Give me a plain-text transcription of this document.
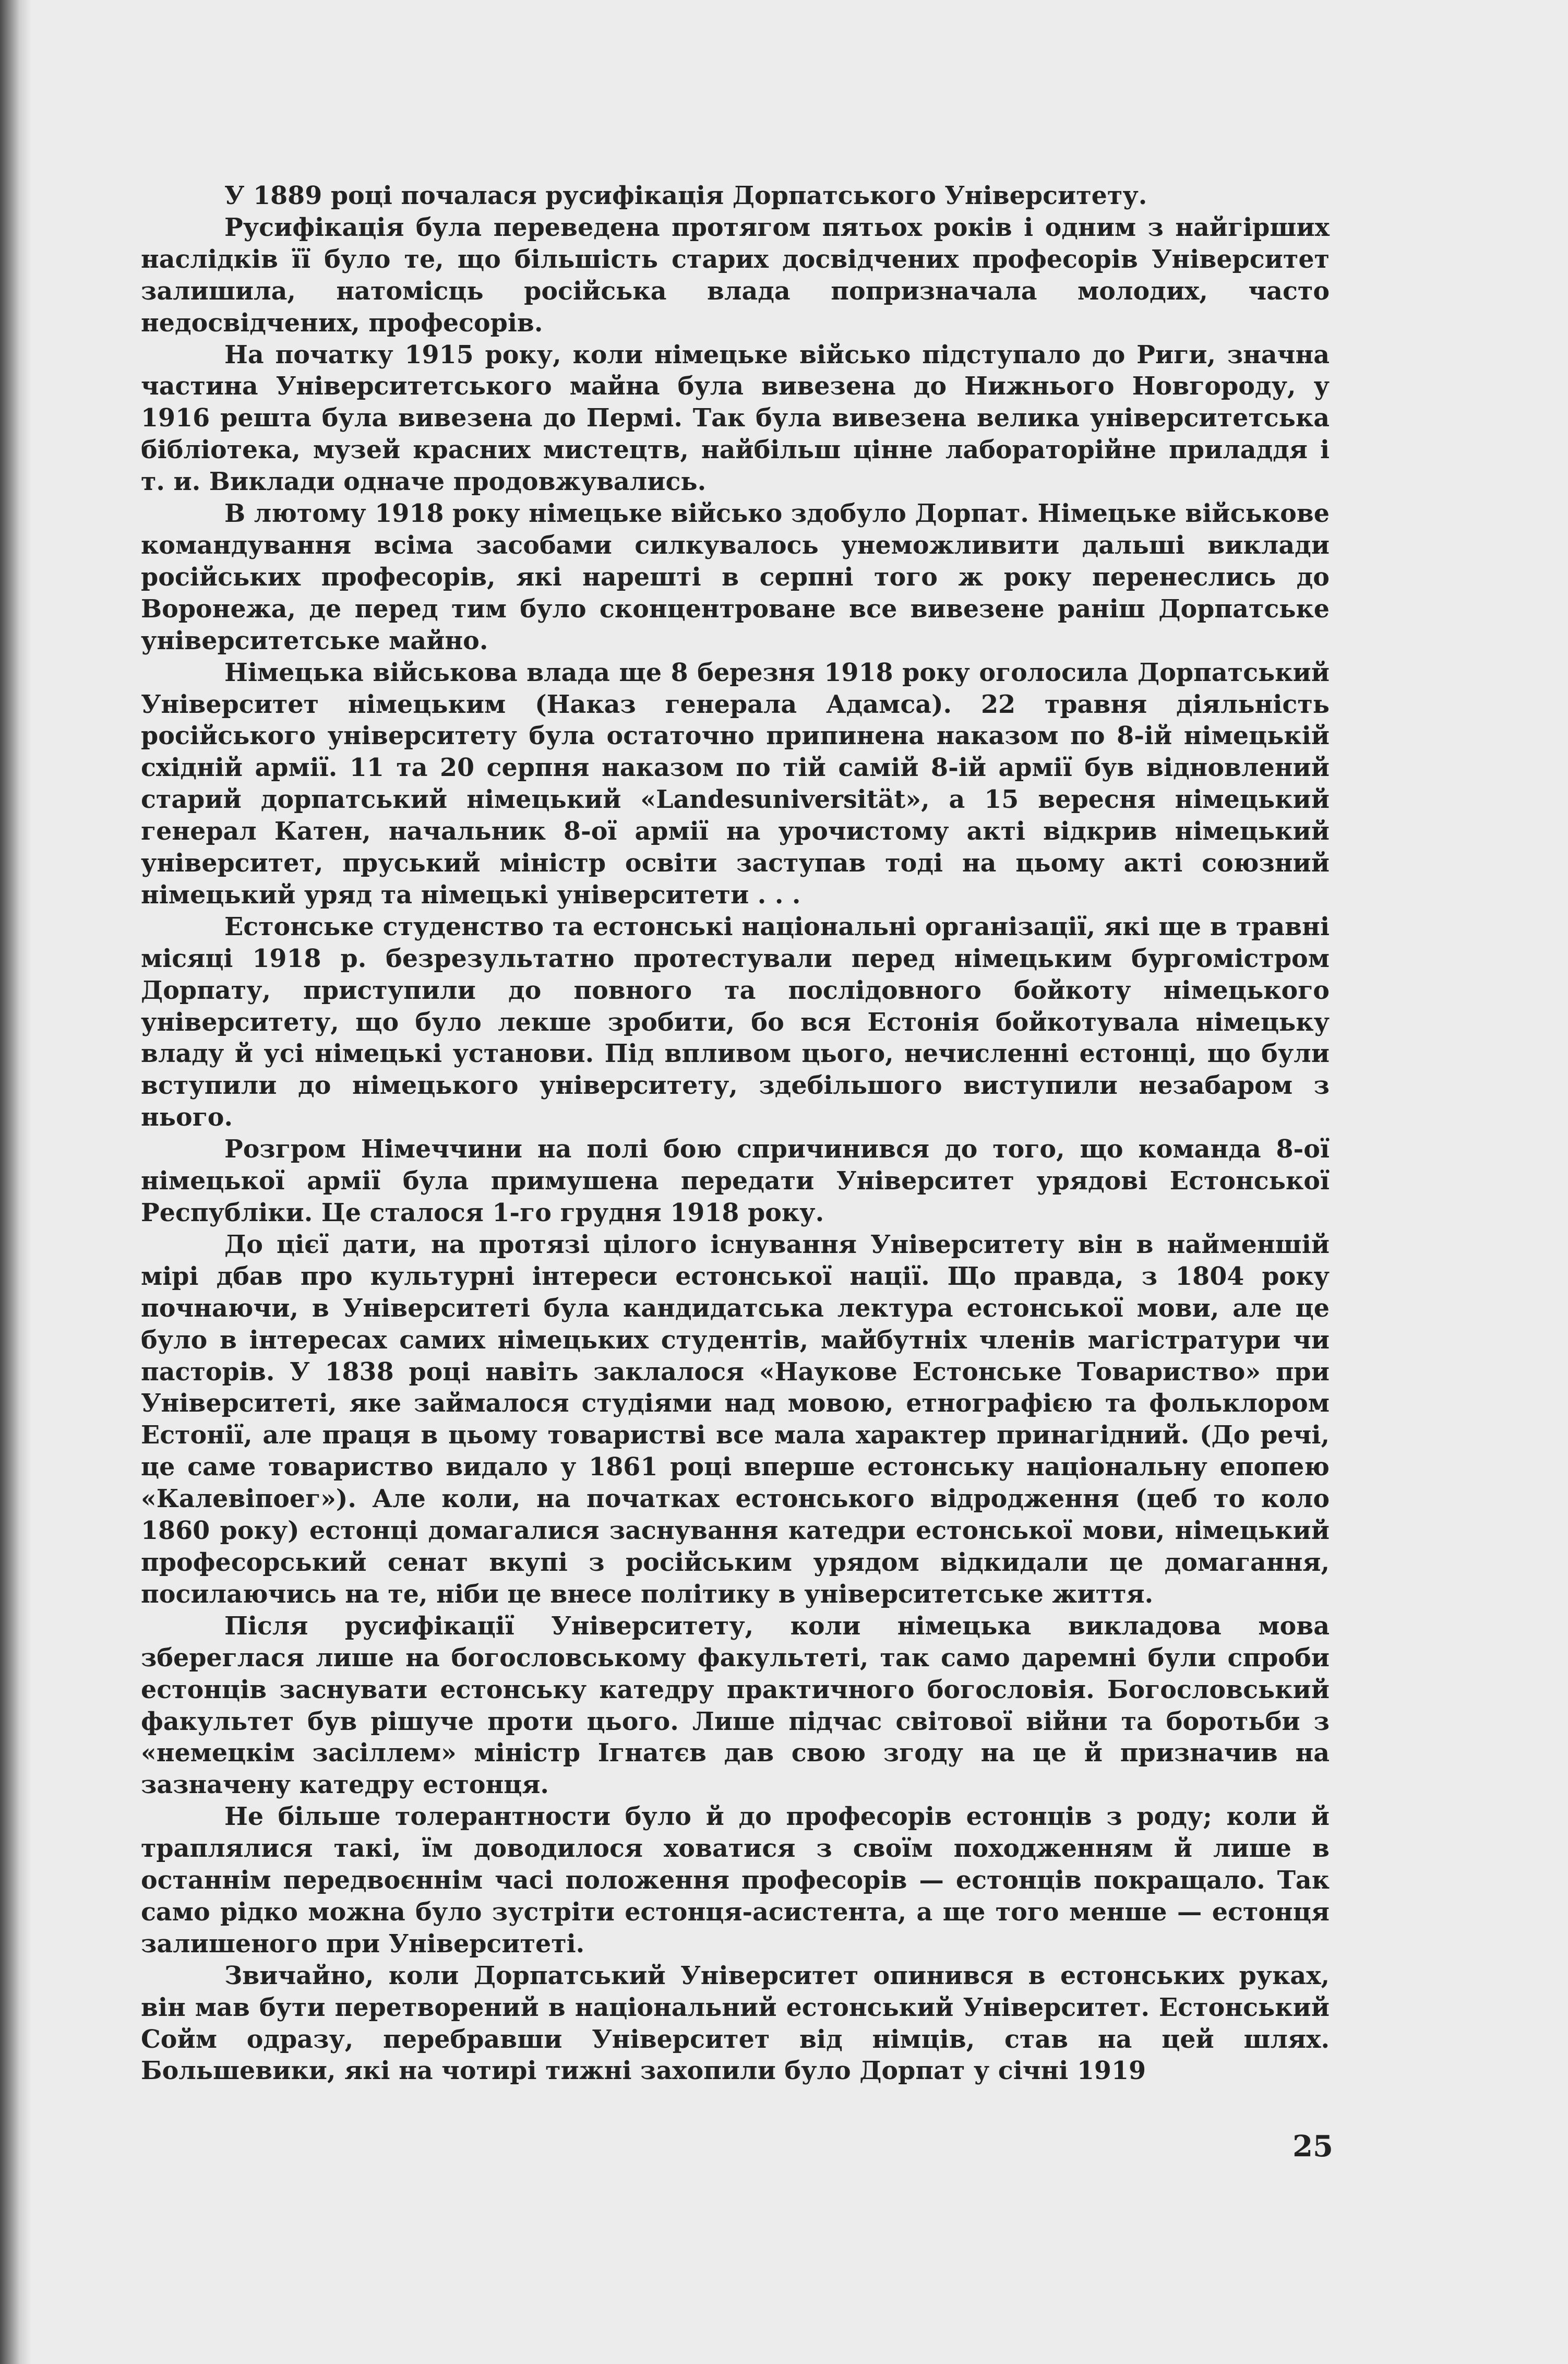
У 1889 році почалася русифікація Дорпатського Університету.

Русифікація була переведена протягом пятьох років і одним з найгірших наслідків її було те, що більшість старих досвідчених професорів Університет залишила, натомісць російська влада попризначала молодих, часто недосвідчених, професорів.

На початку 1915 року, коли німецьке військо підступало до Риги, значна частина Університетського майна була вивезена до Нижнього Новгороду, у 1916 решта була вивезена до Пермі. Так була вивезена велика університетська бібліотека, музей красних мистецтв, найбільш цінне лабораторійне приладдя і т. и. Виклади одначе продовжувались.

В лютому 1918 року німецьке військо здобуло Дорпат. Німецьке військове командування всіма засобами силкувалось унеможливити дальші виклади російських професорів, які нарешті в серпні того ж року перенеслись до Воронежа, де перед тим було сконцентроване все вивезене раніш Дорпатське університетське майно.

Німецька військова влада ще 8 березня 1918 року оголосила Дорпатський Університет німецьким (Наказ генерала Адамса). 22 травня діяльність російського університету була остаточно припинена наказом по 8-ій німецькій східній армії. 11 та 20 серпня наказом по тій самій 8-ій армії був відновлений старий дорпатський німецький «Landesuniversität», а 15 вересня німецький генерал Катен, начальник 8-ої армії на урочистому акті відкрив німецький університет, пруський міністр освіти заступав тоді на цьому акті союзний німецький уряд та німецькі університети . . .

Естонське студенство та естонські національні організації, які ще в травні місяці 1918 р. безрезультатно протестували перед німецьким бургомістром Дорпату, приступили до повного та послідовного бойкоту німецького університету, що було лекше зробити, бо вся Естонія бойкотувала німецьку владу й усі німецькі установи. Під впливом цього, нечисленні естонці, що були вступили до німецького університету, здебільшого виступили незабаром з нього.

Розгром Німеччини на полі бою спричинився до того, що команда 8-ої німецької армії була примушена передати Університет урядові Естонської Республіки. Це сталося 1-го грудня 1918 року.

До цієї дати, на протязі цілого існування Університету він в найменшій мірі дбав про культурні інтереси естонської нації. Що правда, з 1804 року почнаючи, в Університеті була кандидатська лектура естонської мови, але це було в інтересах самих німецьких студентів, майбутніх членів магістратури чи пасторів. У 1838 році навіть заклалося «Наукове Естонське Товариство» при Університеті, яке займалося студіями над мовою, етнографією та фольклором Естонії, але праця в цьому товаристві все мала характер принагідний. (До речі, це саме товариство видало у 1861 році вперше естонську національну епопею «Калевіпоег»). Але коли, на початках естонського відродження (цеб то коло 1860 року) естонці домагалися заснування катедри естонської мови, німецький професорський сенат вкупі з російським урядом відкидали це домагання, посилаючись на те, ніби це внесе політику в університетське життя.

Після русифікації Університету, коли німецька викладова мова збереглася лише на богословському факультеті, так само даремні були спроби естонців заснувати естонську катедру практичного богословія. Богословський факультет був рішуче проти цього. Лише підчас світової війни та боротьби з «немецкім засіллем» міністр Ігнатєв дав свою згоду на це й призначив на зазначену катедру естонця.

Не більше толерантности було й до професорів естонців з роду; коли й траплялися такі, їм доводилося ховатися з своїм походженням й лише в останнім передвоєннім часі положення професорів — естонців покращало. Так само рідко можна було зустріти естонця-асистента, а ще того менше — естонця залишеного при Університеті.

Звичайно, коли Дорпатський Університет опинився в естонських руках, він мав бути перетворений в національний естонський Університет. Естонський Сойм одразу, перебравши Університет від німців, став на цей шлях. Большевики, які на чотирі тижні захопили було Дорпат у січні 1919

25
